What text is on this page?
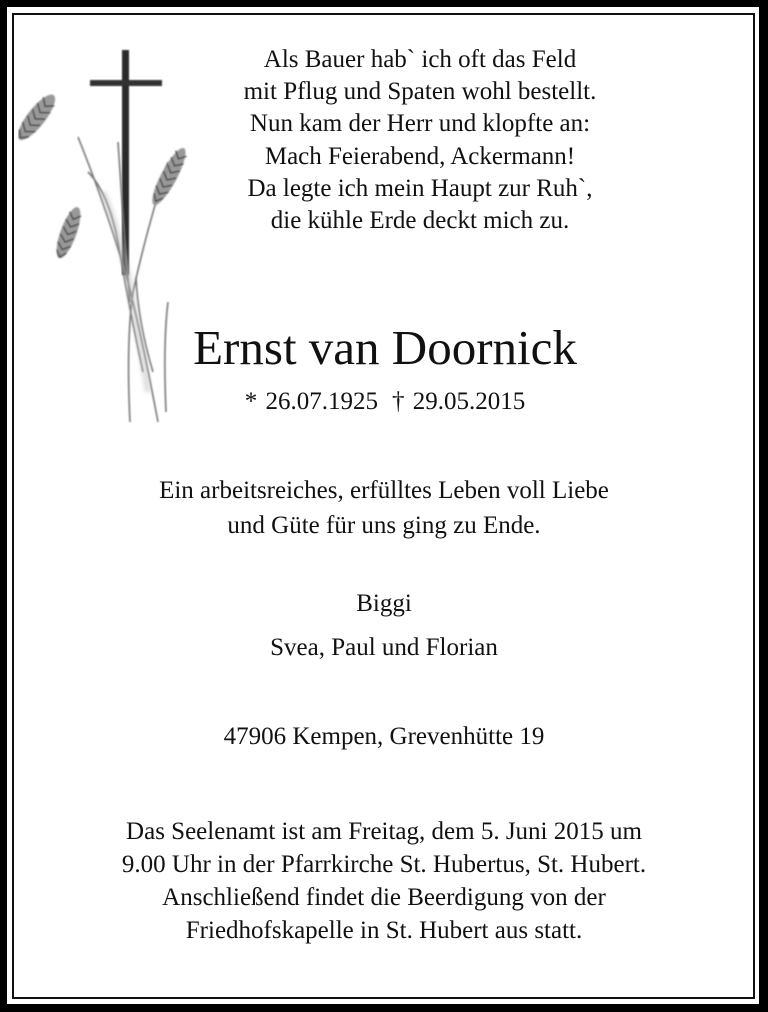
Als Bauer hab` ich oft das Feld
mit Pflug und Spaten wohl bestellt.
Nun kam der Herr und klopfte an:
Mach Feierabend, Ackermann!
Da legte ich mein Haupt zur Ruh`,
die kühle Erde deckt mich zu.
Ernst van Doornick
* 26.07.1925 † 29.05.2015
Ein arbeitsreiches, erfülltes Leben voll Liebe
und Güte für uns ging zu Ende.
Biggi
Svea, Paul und Florian
47906 Kempen, Grevenhütte 19
Das Seelenamt ist am Freitag, dem 5. Juni 2015 um
9.00 Uhr in der Pfarrkirche St. Hubertus, St. Hubert.
Anschließend findet die Beerdigung von der
Friedhofskapelle in St. Hubert aus statt.
